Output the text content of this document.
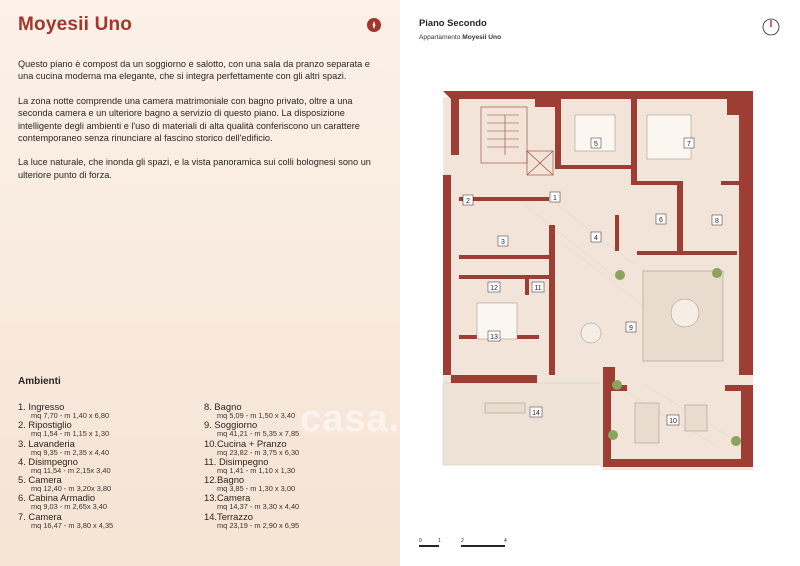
Moyesii Uno

Questo piano è compost da un soggiorno e salotto, con una sala da pranzo separata e una cucina moderna ma elegante, che si integra perfettamente con gli altri spazi.

La zona notte comprende una camera matrimoniale con bagno privato, oltre a una seconda camera e un ulteriore bagno a servizio di questo piano. La disposizione intelligente degli ambienti e l'uso di materiali di alta qualità conferiscono un carattere contemporaneo senza rinunciare al fascino storico dell'edificio.

La luce naturale, che inonda gli spazi, e la vista panoramica sui colli bolognesi sono un ulteriore punto di forza.

Ambienti
1. Ingresso
mq 7,70 - m 1,40 x 6,80
2. Ripostiglio
mq 1,54 - m 1,15 x 1,30
3. Lavanderia
mq 9,35 - m 2,35 x 4,40
4. Disimpegno
mq 11,54 - m 2,15x 3,40
5. Camera
mq 12,40 - m 3,20x 3,80
6. Cabina Armadio
mq 9,03 - m 2,65x 3,40
7. Camera
mq 16,47 - m 3,80 x 4,35
8. Bagno
mq 5,09 - m 1,50 x 3,40
9. Soggiorno
mq 41,21 - m 5,35 x 7,85
10.Cucina + Pranzo
mq 23,82 - m 3,75 x 6,30
11. Disimpegno
mq 1,41 - m 1,10 x 1,30
12.Bagno
mq 3,85 - m 1,30 x 3,00
13.Camera
mq 14,37 - m 3,30 x 4,40
14.Terrazzo
mq 23,19 - m 2,90 x 6,95
Piano Secondo
Appartamento Moyesii Uno
1
2
3
4
5
6
7
8
9
10
11
12
13
14
0	1	2	4
casa.it
